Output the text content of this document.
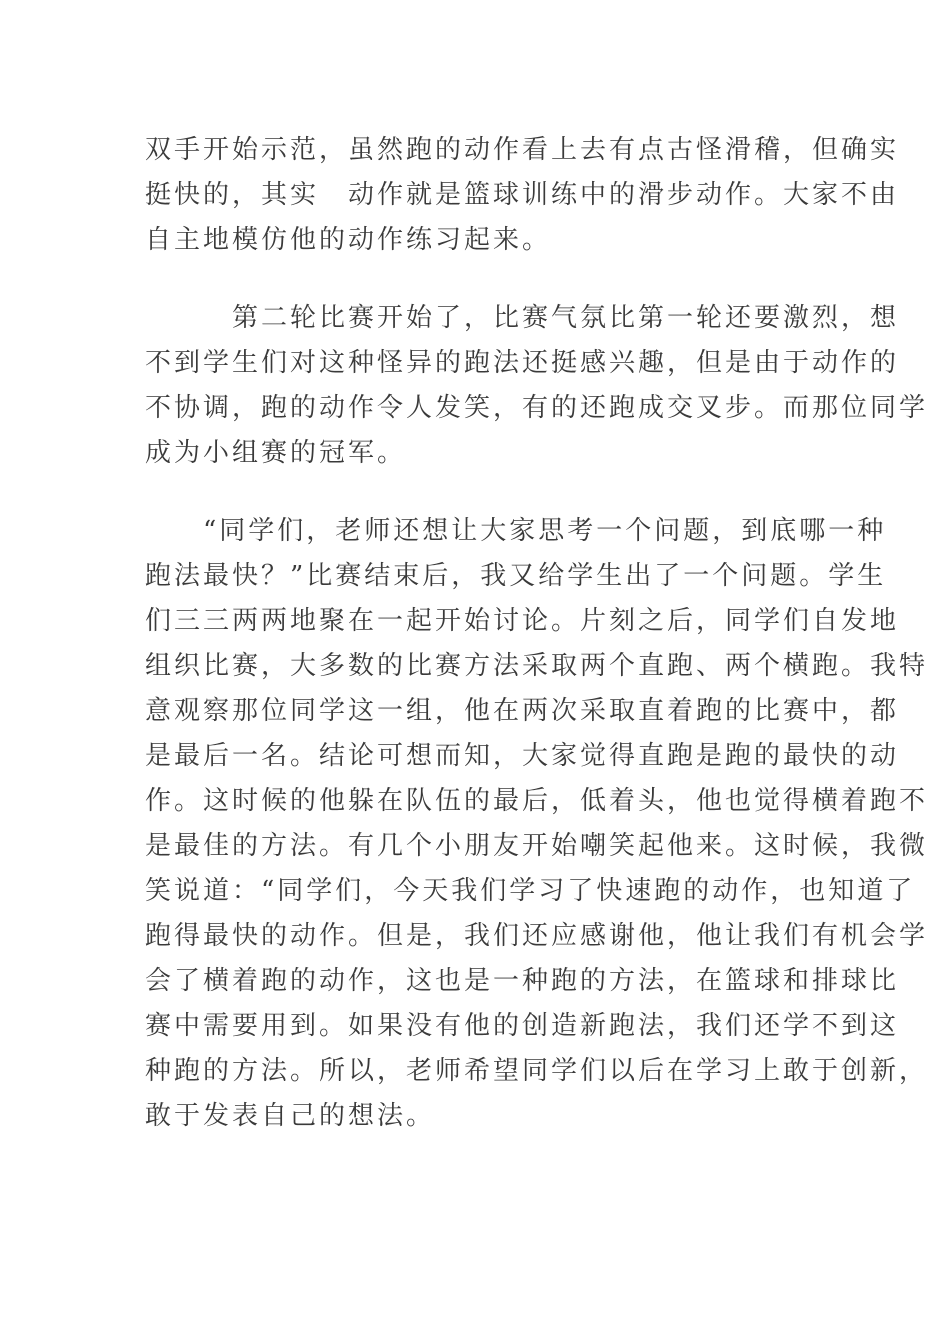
双手开始示范，虽然跑的动作看上去有点古怪滑稽，但确实
挺快的，其实　动作就是篮球训练中的滑步动作。大家不由
自主地模仿他的动作练习起来。
　　　第二轮比赛开始了，比赛气氛比第一轮还要激烈，想
不到学生们对这种怪异的跑法还挺感兴趣，但是由于动作的
不协调，跑的动作令人发笑，有的还跑成交叉步。而那位同学
成为小组赛的冠军。
　　“同学们，老师还想让大家思考一个问题，到底哪一种
跑法最快？”比赛结束后，我又给学生出了一个问题。学生
们三三两两地聚在一起开始讨论。片刻之后，同学们自发地
组织比赛，大多数的比赛方法采取两个直跑、两个横跑。我特
意观察那位同学这一组，他在两次采取直着跑的比赛中，都
是最后一名。结论可想而知，大家觉得直跑是跑的最快的动
作。这时候的他躲在队伍的最后，低着头，他也觉得横着跑不
是最佳的方法。有几个小朋友开始嘲笑起他来。这时候，我微
笑说道：“同学们，今天我们学习了快速跑的动作，也知道了
跑得最快的动作。但是，我们还应感谢他，他让我们有机会学
会了横着跑的动作，这也是一种跑的方法，在篮球和排球比
赛中需要用到。如果没有他的创造新跑法，我们还学不到这
种跑的方法。所以，老师希望同学们以后在学习上敢于创新，
敢于发表自己的想法。
